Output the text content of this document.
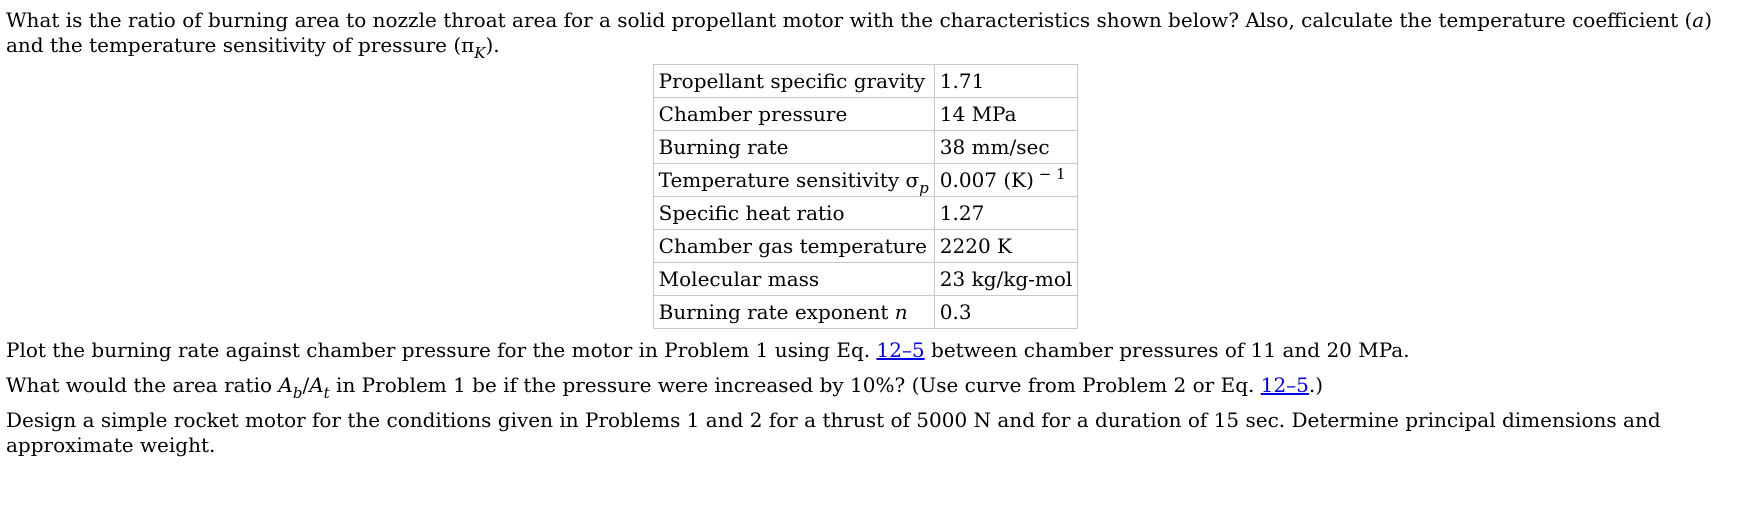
What is the ratio of burning area to nozzle throat area for a solid propellant motor with the characteristics shown below? Also, calculate the temperature coefficient (a) and the temperature sensitivity of pressure $(\pi_K)$.

Propellant specific gravity	1.71
Chamber pressure	14 MPa
Burning rate	38 mm/sec
Temperature sensitivity $\sigma_p$	0.007 (K) $^{- 1}$
Specific heat ratio	1.27
Chamber gas temperature	2220 K
Molecular mass	23 kg/kg-mol
Burning rate exponent n	0.3

Plot the burning rate against chamber pressure for the motor in Problem 1 using Eq. 12–5 between chamber pressures of 11 and 20 MPa.

What would the area ratio $A_b/A_t$ in Problem 1 be if the pressure were increased by 10%? (Use curve from Problem 2 or Eq. 12–5.)

Design a simple rocket motor for the conditions given in Problems 1 and 2 for a thrust of 5000 N and for a duration of 15 sec. Determine principal dimensions and approximate weight.
